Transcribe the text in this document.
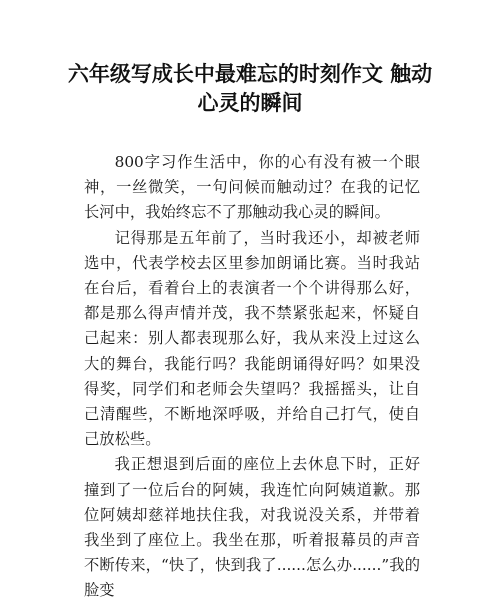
六年级写成长中最难忘的时刻作文 触动心灵的瞬间

800字习作生活中，你的心有没有被一个眼神，一丝微笑，一句问候而触动过？在我的记忆长河中，我始终忘不了那触动我心灵的瞬间。

记得那是五年前了，当时我还小，却被老师选中，代表学校去区里参加朗诵比赛。当时我站在台后，看着台上的表演者一个个讲得那么好，都是那么得声情并茂，我不禁紧张起来，怀疑自己起来：别人都表现那么好，我从来没上过这么大的舞台，我能行吗？我能朗诵得好吗？如果没得奖，同学们和老师会失望吗？我摇摇头，让自己清醒些，不断地深呼吸，并给自己打气，使自己放松些。

我正想退到后面的座位上去休息下时，正好撞到了一位后台的阿姨，我连忙向阿姨道歉。那位阿姨却慈祥地扶住我，对我说没关系，并带着我坐到了座位上。我坐在那，听着报幕员的声音不断传来，“快了，快到我了......怎么办......”我的脸变
